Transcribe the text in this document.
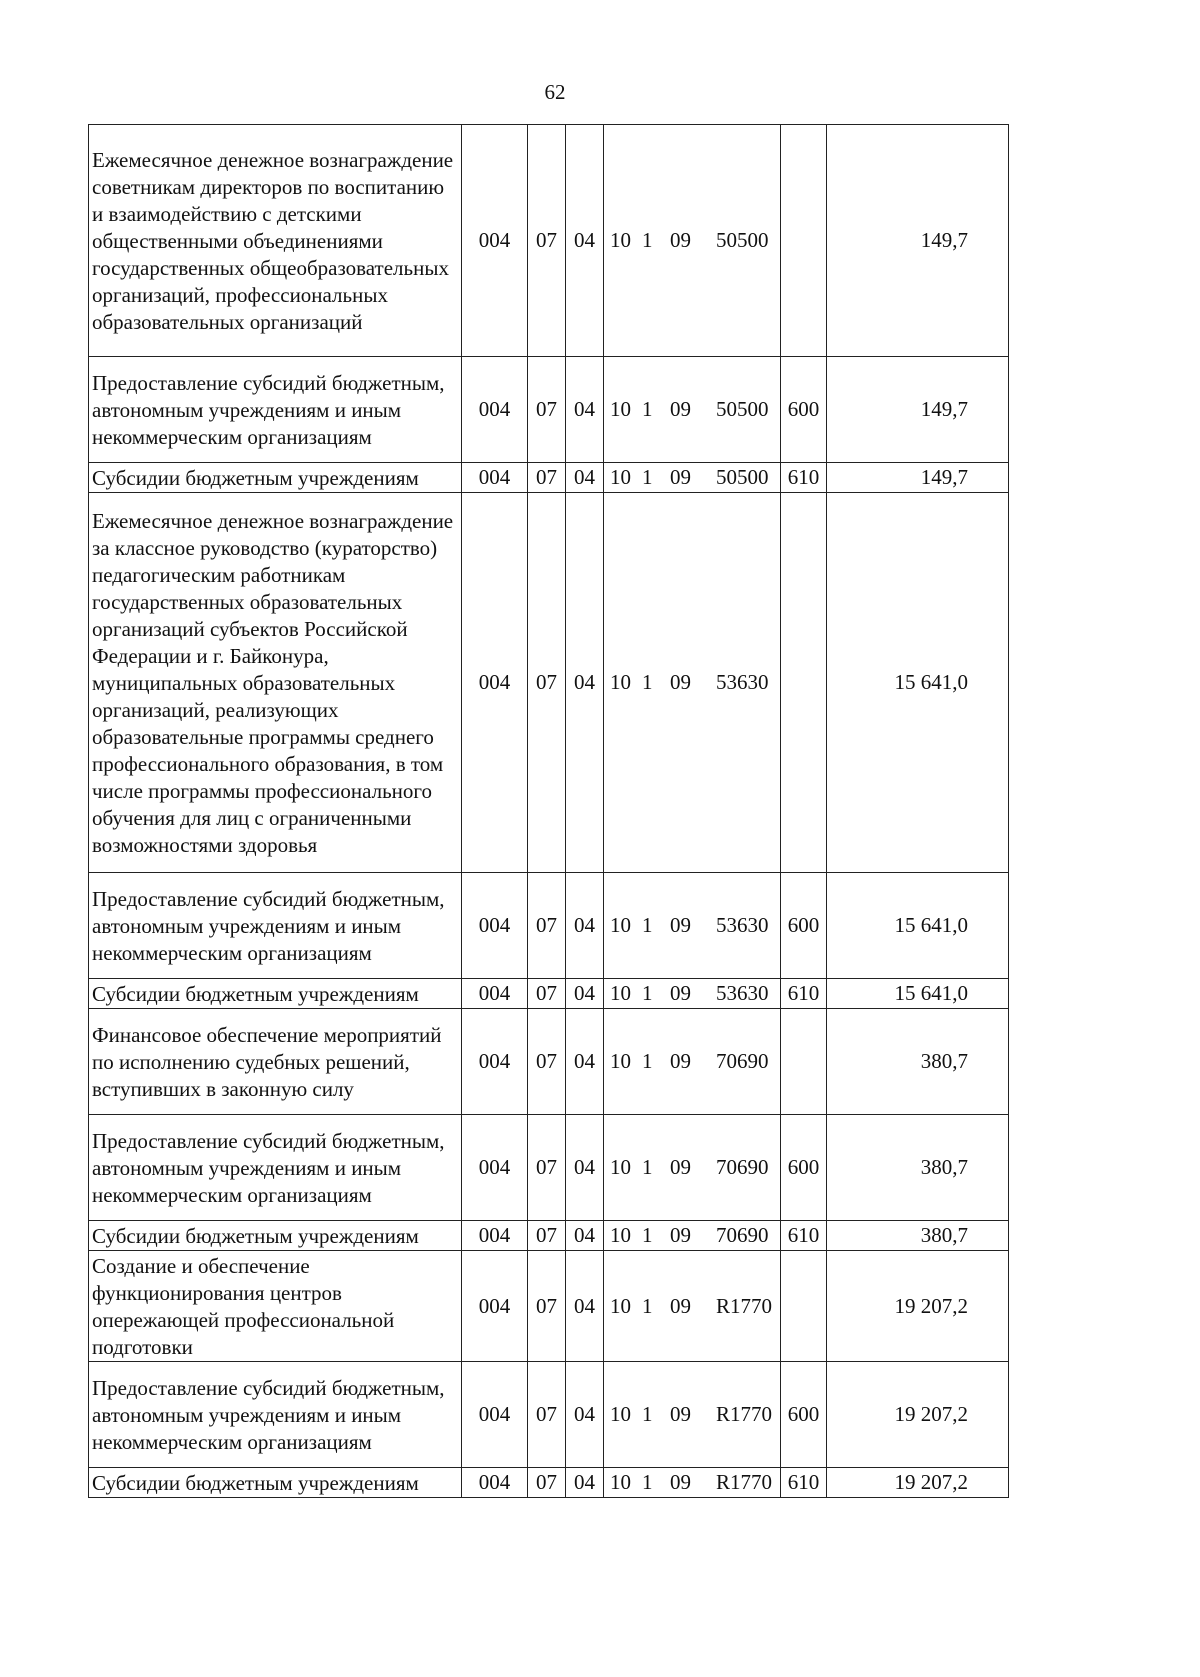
62
Ежемесячное денежное вознаграждение советникам директоров по воспитанию и взаимодействию с детскими общественными объединениями государственных общеобразовательных организаций, профессиональных образовательных организаций	004	07	04	10 1 09 50500		149,7
Предоставление субсидий бюджетным, автономным учреждениям и иным некоммерческим организациям	004	07	04	10 1 09 50500	600	149,7
Субсидии бюджетным учреждениям	004	07	04	10 1 09 50500	610	149,7
Ежемесячное денежное вознаграждение за классное руководство (кураторство) педагогическим работникам государственных образовательных организаций субъектов Российской Федерации и г. Байконура, муниципальных образовательных организаций, реализующих образовательные программы среднего профессионального образования, в том числе программы профессионального обучения для лиц с ограниченными возможностями здоровья	004	07	04	10 1 09 53630		15 641,0
Предоставление субсидий бюджетным, автономным учреждениям и иным некоммерческим организациям	004	07	04	10 1 09 53630	600	15 641,0
Субсидии бюджетным учреждениям	004	07	04	10 1 09 53630	610	15 641,0
Финансовое обеспечение мероприятий по исполнению судебных решений, вступивших в законную силу	004	07	04	10 1 09 70690		380,7
Предоставление субсидий бюджетным, автономным учреждениям и иным некоммерческим организациям	004	07	04	10 1 09 70690	600	380,7
Субсидии бюджетным учреждениям	004	07	04	10 1 09 70690	610	380,7
Создание и обеспечение функционирования центров опережающей профессиональной подготовки	004	07	04	10 1 09 R1770		19 207,2
Предоставление субсидий бюджетным, автономным учреждениям и иным некоммерческим организациям	004	07	04	10 1 09 R1770	600	19 207,2
Субсидии бюджетным учреждениям	004	07	04	10 1 09 R1770	610	19 207,2
